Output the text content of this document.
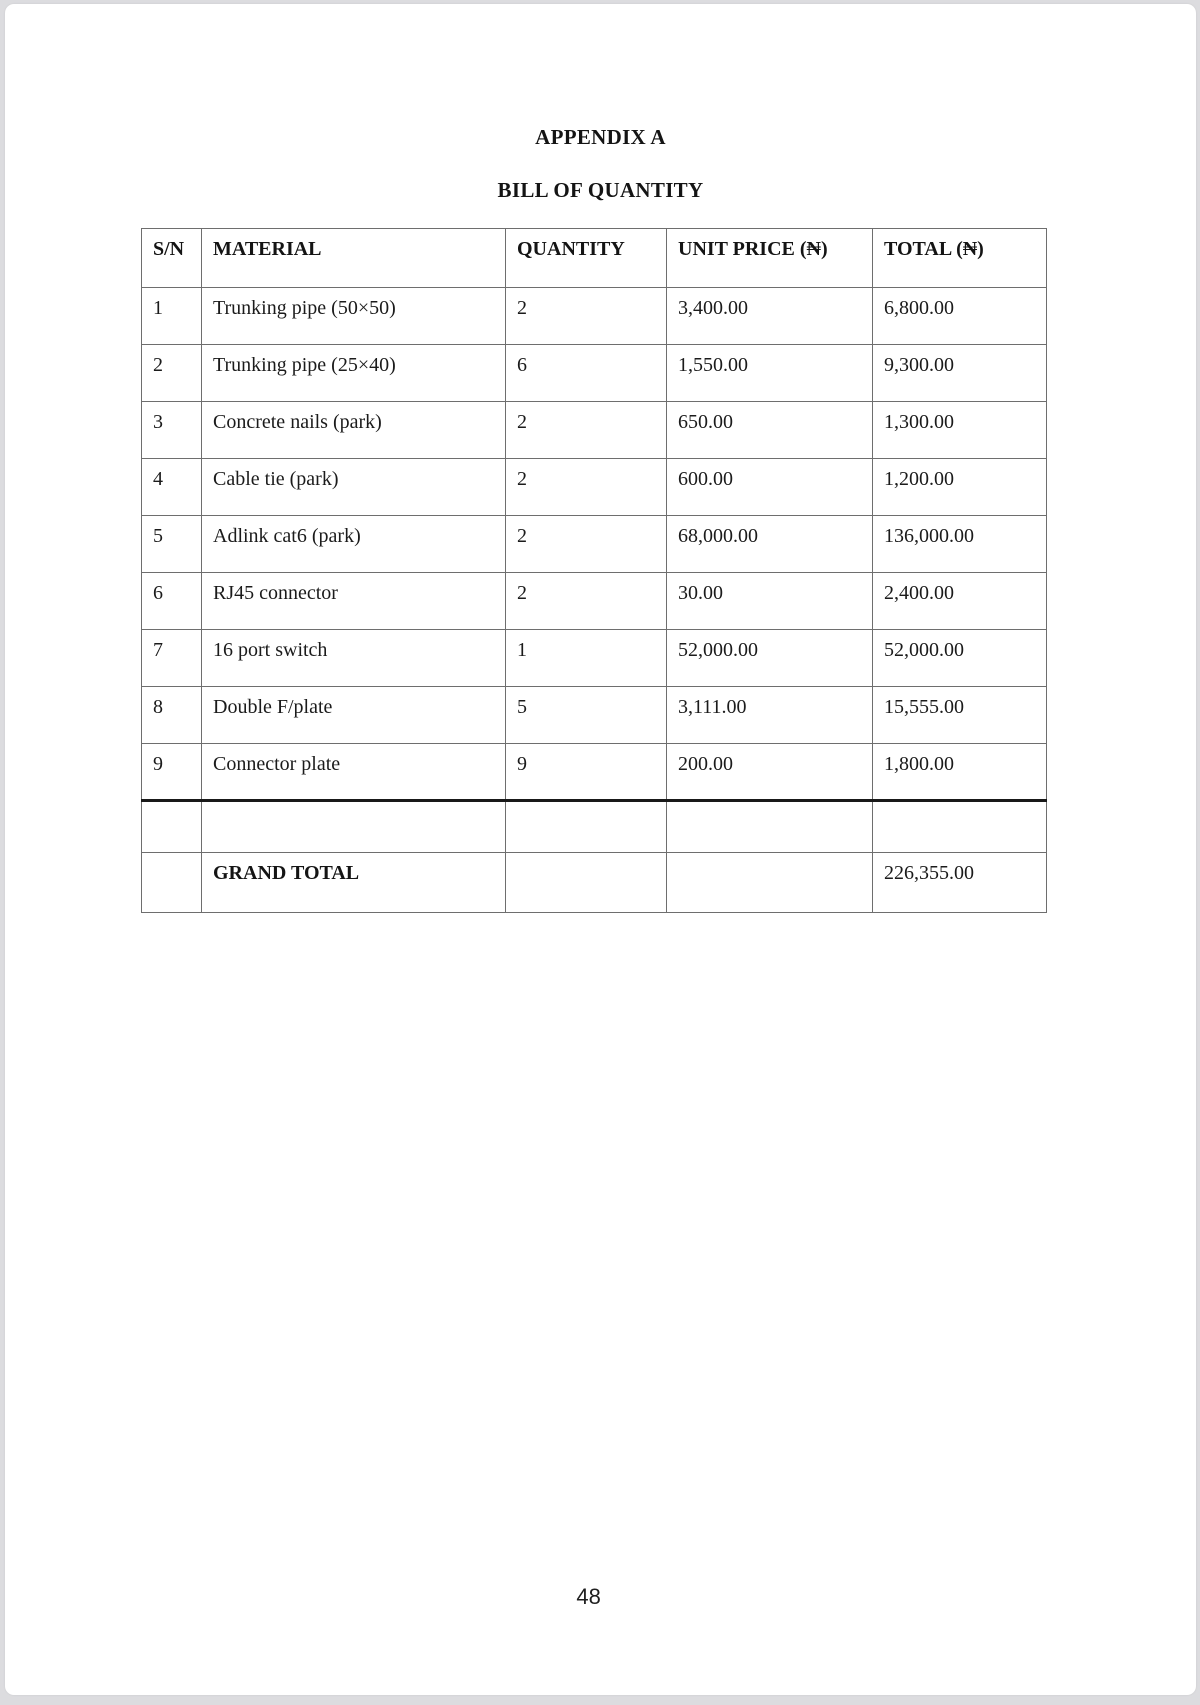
APPENDIX A
BILL OF QUANTITY
S/N	MATERIAL	QUANTITY	UNIT PRICE (₦)	TOTAL (₦)
1	Trunking pipe (50×50)	2	3,400.00	6,800.00
2	Trunking pipe (25×40)	6	1,550.00	9,300.00
3	Concrete nails (park)	2	650.00	1,300.00
4	Cable tie (park)	2	600.00	1,200.00
5	Adlink cat6 (park)	2	68,000.00	136,000.00
6	RJ45 connector	2	30.00	2,400.00
7	16 port switch	1	52,000.00	52,000.00
8	Double F/plate	5	3,111.00	15,555.00
9	Connector plate	9	200.00	1,800.00

	GRAND TOTAL			226,355.00
48
